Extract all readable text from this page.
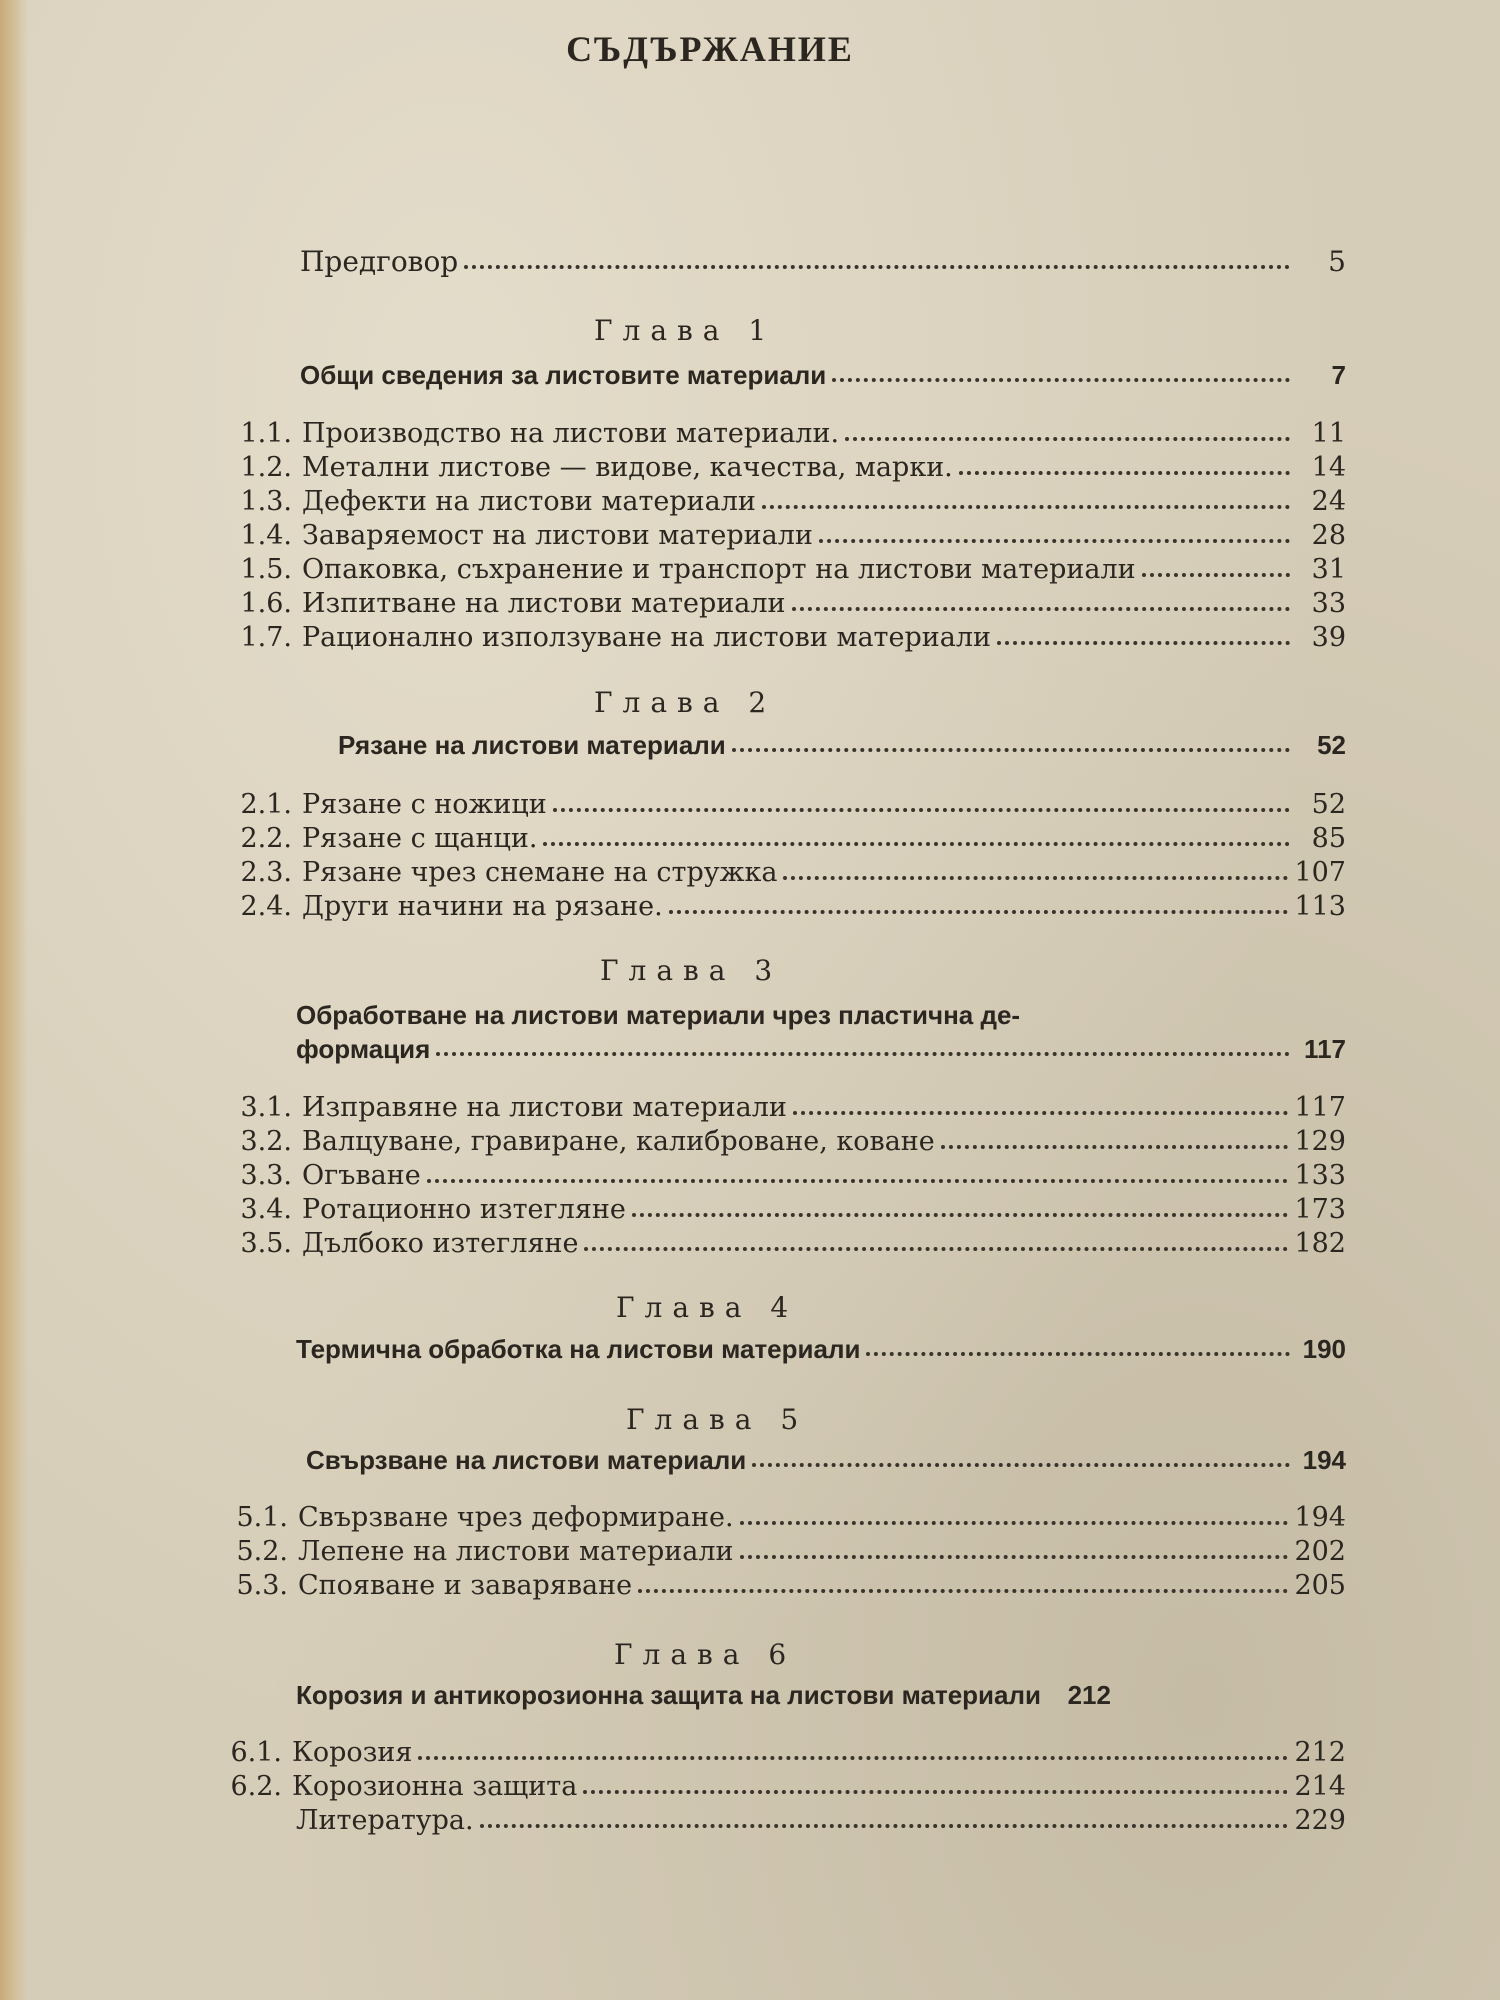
СЪДЪРЖАНИЕ
Предговор	5
Глава 1
Общи сведения за листовите материали	7
1.1. Производство на листови материали.	11
1.2. Метални листове — видове, качества, марки.	14
1.3. Дефекти на листови материали	24
1.4. Заваряемост на листови материали	28
1.5. Опаковка, съхранение и транспорт на листови материали	31
1.6. Изпитване на листови материали	33
1.7. Рационално използуване на листови материали	39
Глава 2
Рязане на листови материали	52
2.1. Рязане с ножици	52
2.2. Рязане с щанци.	85
2.3. Рязане чрез снемане на стружка	107
2.4. Други начини на рязане.	113
Глава 3
Обработване на листови материали чрез пластична де-
формация	117
3.1. Изправяне на листови материали	117
3.2. Валцуване, гравиране, калиброване, коване	129
3.3. Огъване	133
3.4. Ротационно изтегляне	173
3.5. Дълбоко изтегляне	182
Глава 4
Термична обработка на листови материали	190
Глава 5
Свързване на листови материали	194
5.1. Свързване чрез деформиране.	194
5.2. Лепене на листови материали	202
5.3. Спояване и заваряване	205
Глава 6
Корозия и антикорозионна защита на листови материали 212
6.1. Корозия	212
6.2. Корозионна защита	214
Литература.	229
